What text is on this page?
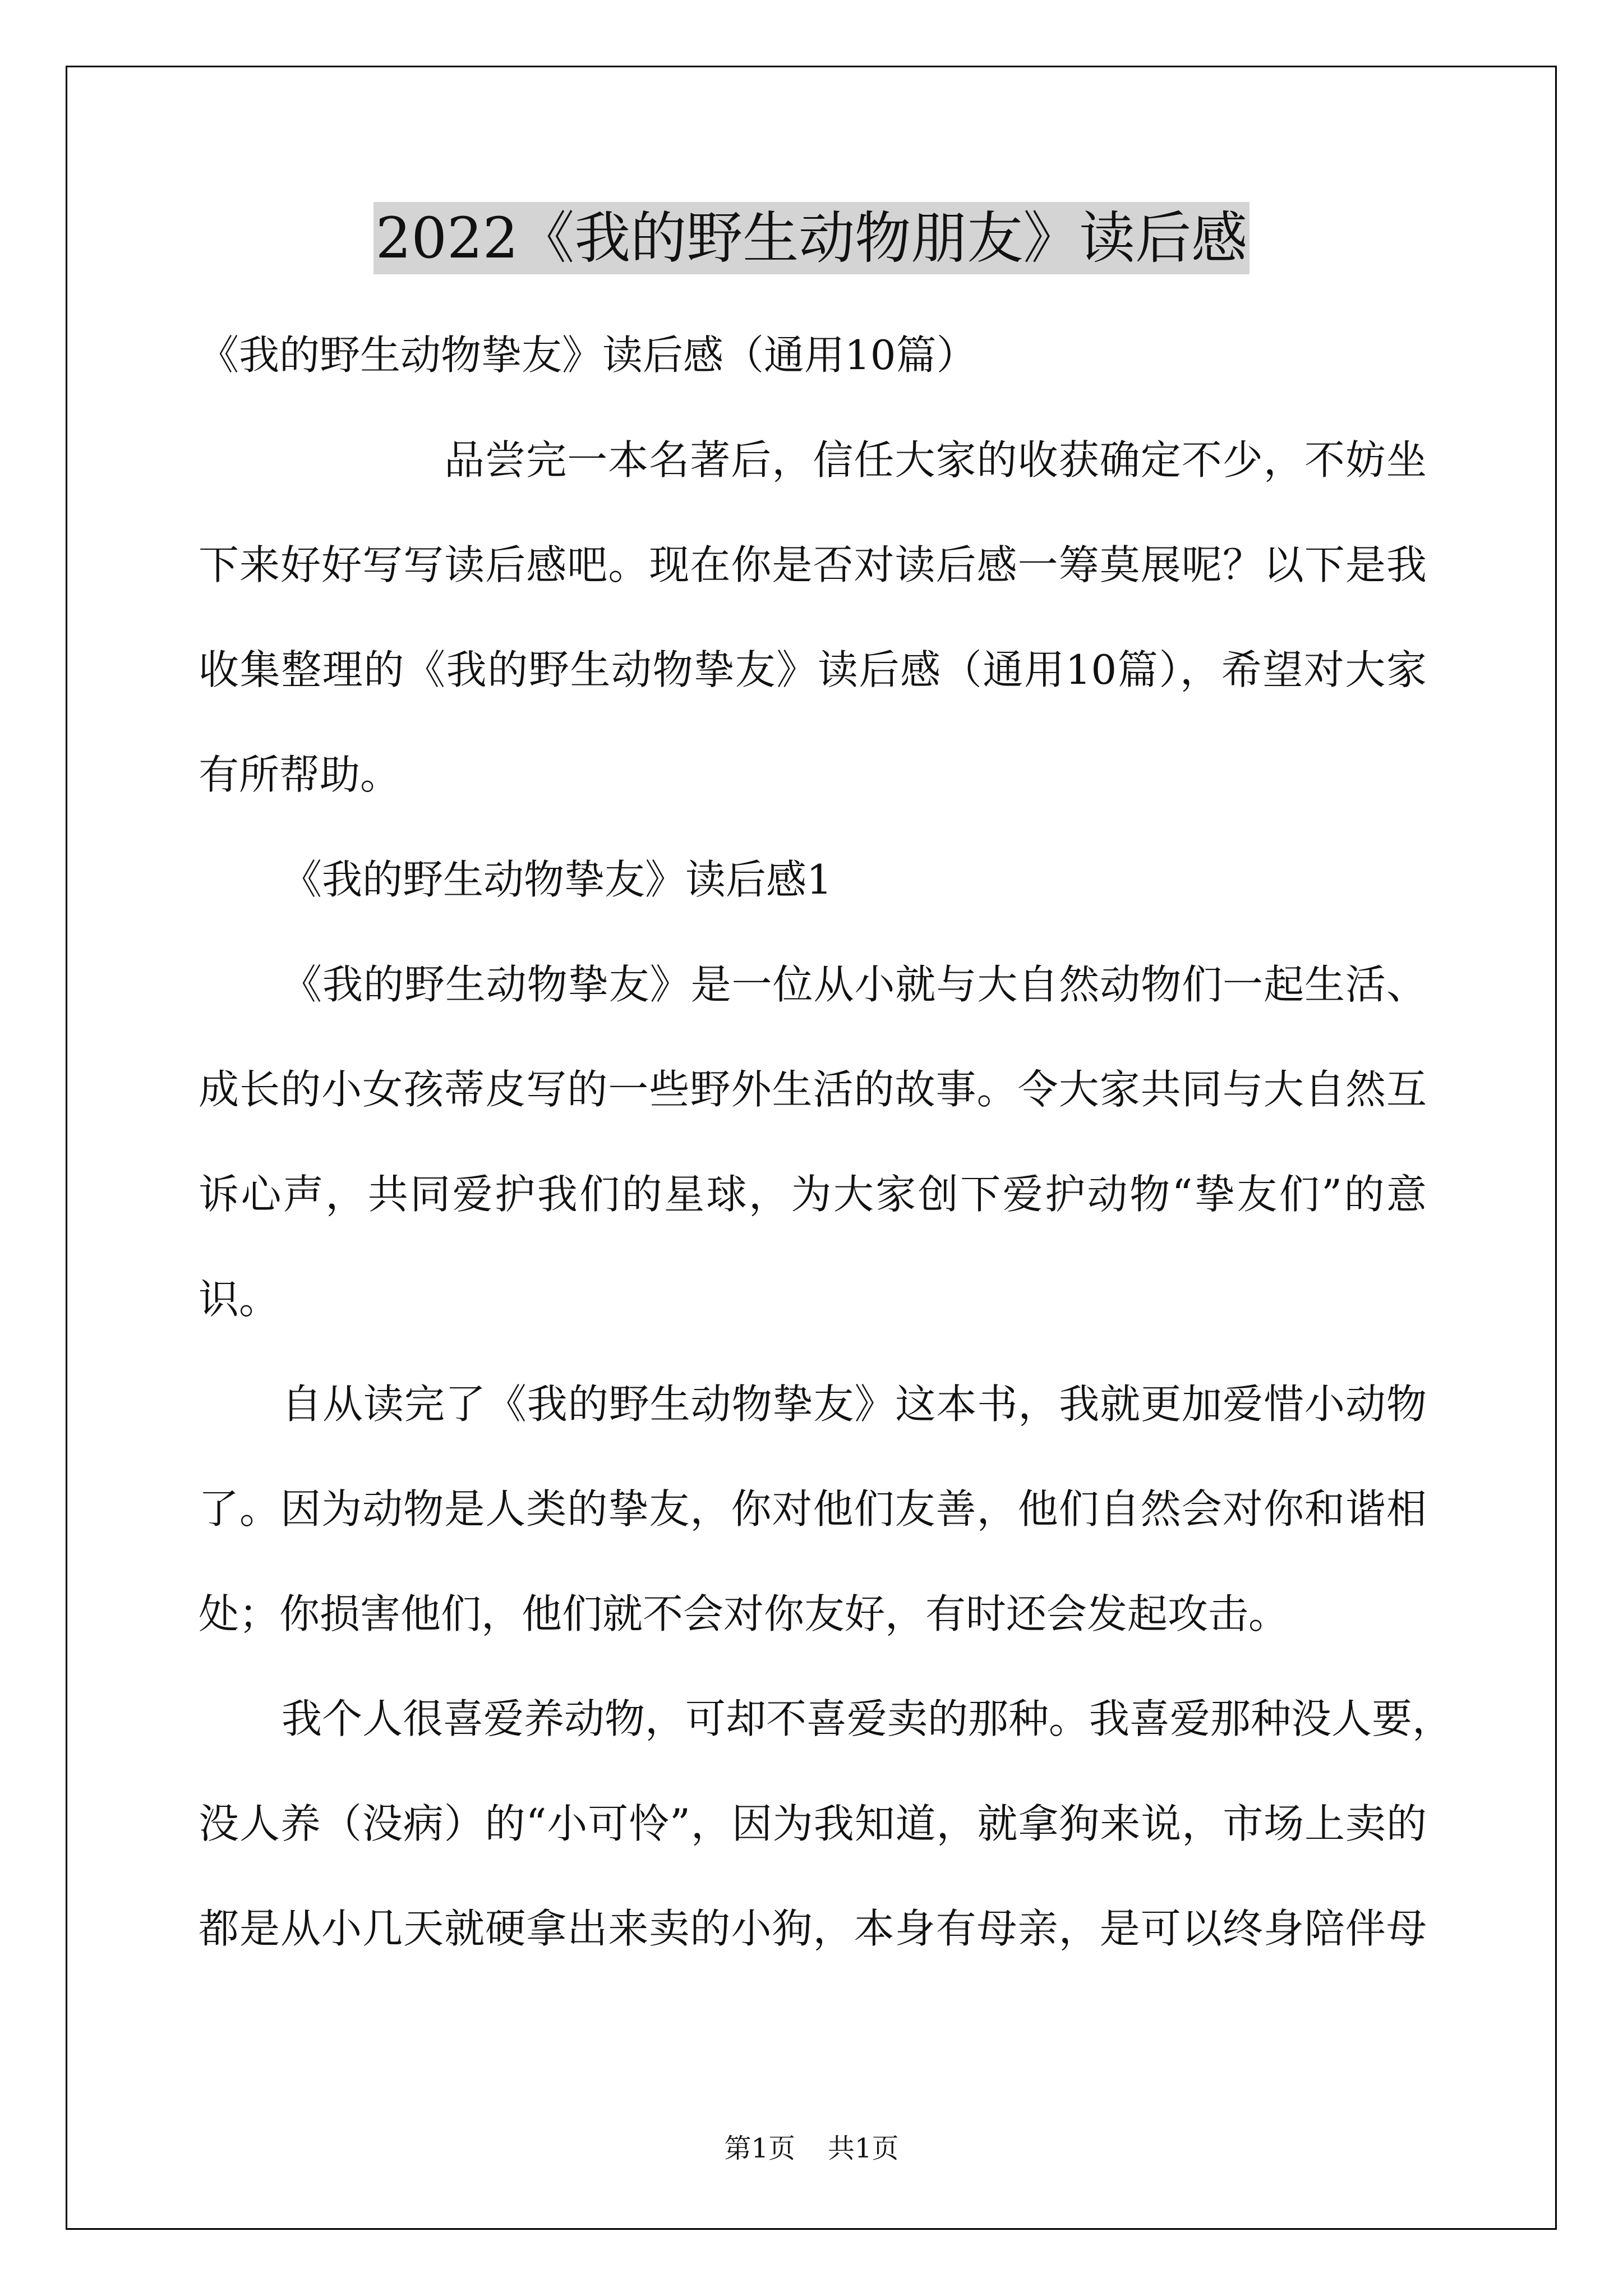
2022《我的野生动物朋友》读后感
《我的野生动物挚友》读后感（通用10篇）
品尝完一本名著后，信任大家的收获确定不少，不妨坐
下来好好写写读后感吧。现在你是否对读后感一筹莫展呢？以下是我
收集整理的《我的野生动物挚友》读后感（通用10篇），希望对大家
有所帮助。
《我的野生动物挚友》读后感1
《我的野生动物挚友》是一位从小就与大自然动物们一起生活、
成长的小女孩蒂皮写的一些野外生活的故事。令大家共同与大自然互
诉心声，共同爱护我们的星球，为大家创下爱护动物“挚友们”的意
识。
自从读完了《我的野生动物挚友》这本书，我就更加爱惜小动物
了。因为动物是人类的挚友，你对他们友善，他们自然会对你和谐相
处；你损害他们，他们就不会对你友好，有时还会发起攻击。
我个人很喜爱养动物，可却不喜爱卖的那种。我喜爱那种没人要，
没人养（没病）的“小可怜”，因为我知道，就拿狗来说，市场上卖的
都是从小几天就硬拿出来卖的小狗，本身有母亲，是可以终身陪伴母
第1页 共1页
